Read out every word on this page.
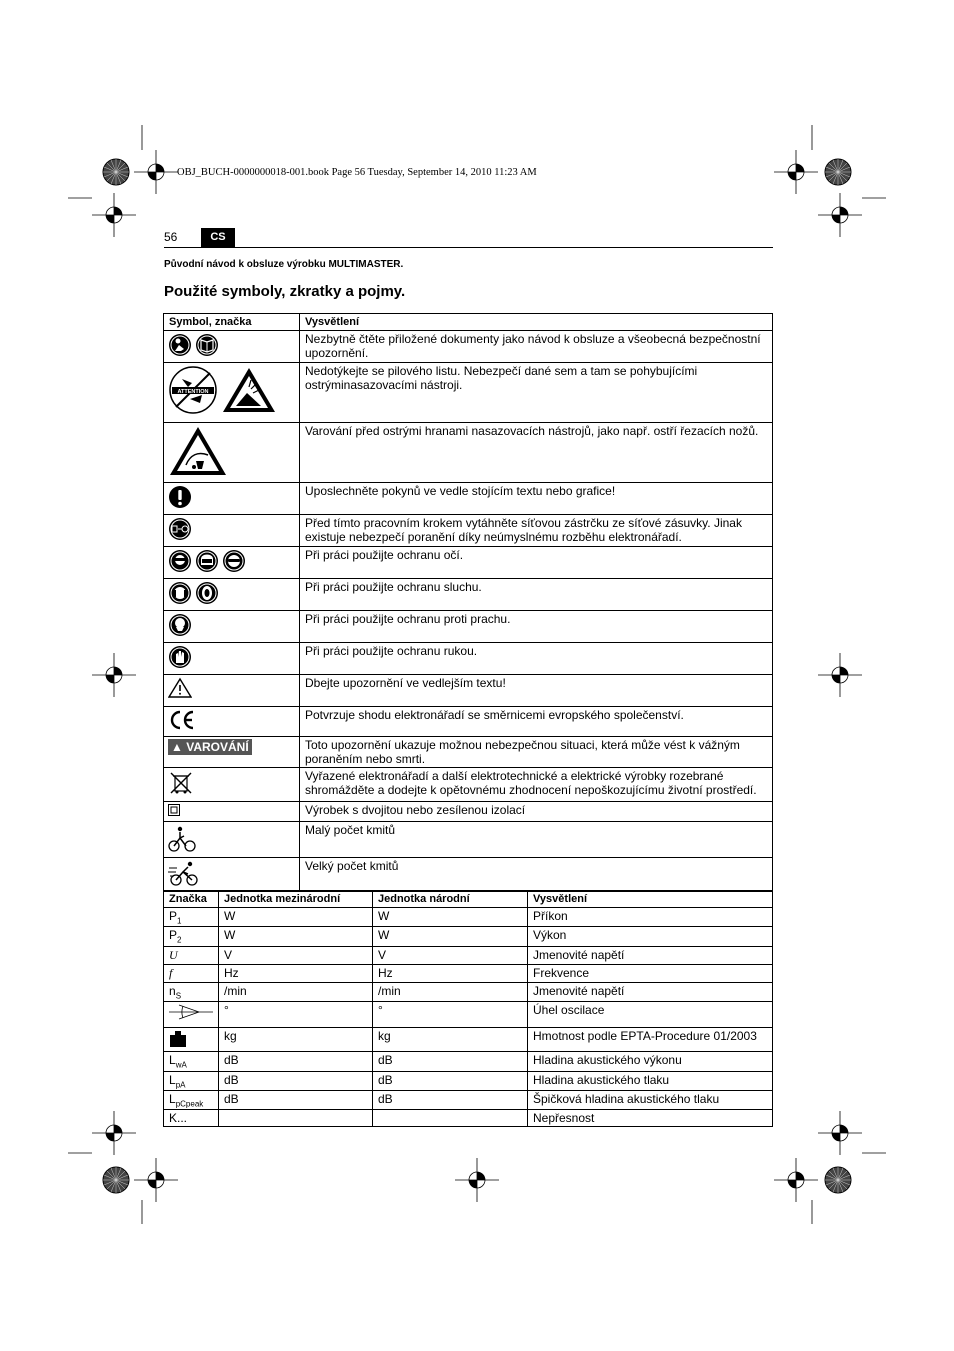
OBJ_BUCH-0000000018-001.book Page 56 Tuesday, September 14, 2010 11:23 AM
56	CS
Původní návod k obsluze výrobku MULTIMASTER.
Použité symboly, zkratky a pojmy.
Symbol, značka	Vysvětlení
	Nezbytně čtěte přiložené dokumenty jako návod k obsluze a všeobecná bezpečnostní upozornění.

ATTENTION	Nedotýkejte se pilového listu. Nebezpečí dané sem a tam se pohybujícími ostrýminasazovacími nástroji.
	Varování před ostrými hranami nasazovacích nástrojů, jako např. ostří řezacích nožů.
	Uposlechněte pokynů ve vedle stojícím textu nebo grafice!
	Před tímto pracovním krokem vytáhněte síťovou zástrčku ze síťové zásuvky. Jinak existuje nebezpečí poranění díky neúmyslnému rozběhu elektronářadí.
	Při práci použijte ochranu očí.
	Při práci použijte ochranu sluchu.
	Při práci použijte ochranu proti prachu.
	Při práci použijte ochranu rukou.
	Dbejte upozornění ve vedlejším textu!
	Potvrzuje shodu elektronářadí se směrnicemi evropského společenství.
▲ VAROVÁNÍ	Toto upozornění ukazuje možnou nebezpečnou situaci, která může vést k vážným poraněním nebo smrti.
	Vyřazené elektronářadí a další elektrotechnické a elektrické výrobky rozebrané shromážděte a dodejte k opětovnému zhodnocení nepoškozujícímu životní prostředí.
	Výrobek s dvojitou nebo zesílenou izolací
	Malý počet kmitů
	Velký počet kmitů
Značka	Jednotka mezinárodní	Jednotka národní	Vysvětlení
$P_1$	W	W	Příkon
$P_2$	W	W	Výkon
U	V	V	Jmenovité napětí
f	Hz	Hz	Frekvence
$n_S$	/min	/min	Jmenovité napětí
	°	°	Úhel oscilace
	kg	kg	Hmotnost podle EPTA-Procedure 01/2003
$L_{wA}$	dB	dB	Hladina akustického výkonu
$L_{pA}$	dB	dB	Hladina akustického tlaku
$L_{pCpeak}$	dB	dB	Špičková hladina akustického tlaku
K...			Nepřesnost
